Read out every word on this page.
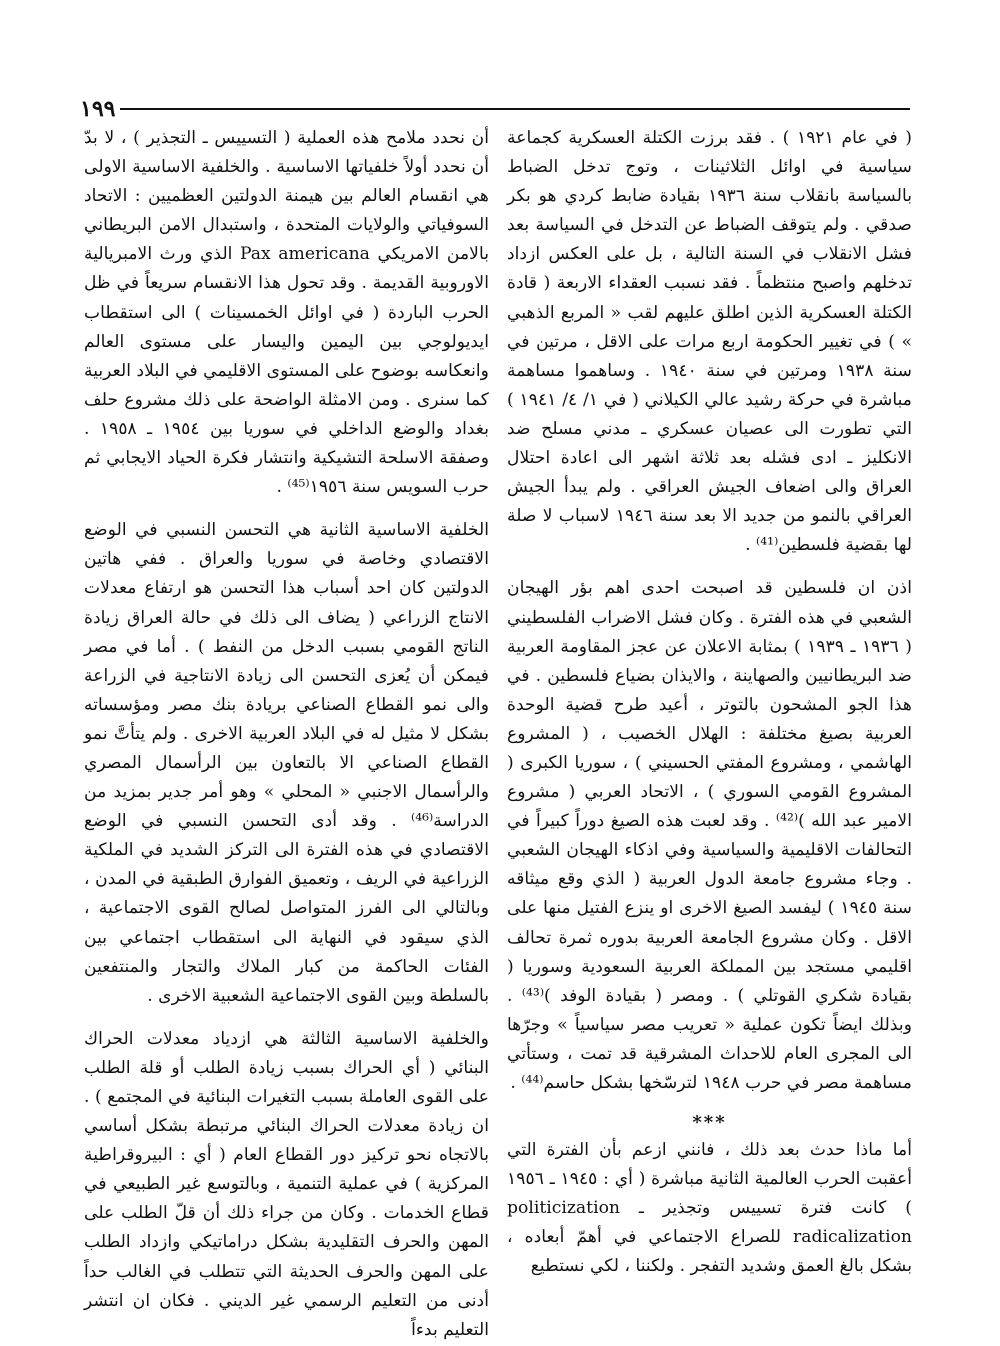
١٩٩

( في عام ١٩٢١ ) . فقد برزت الكتلة العسكرية كجماعة سياسية في اوائل الثلاثينات ، وتوج تدخل الضباط بالسياسة بانقلاب سنة ١٩٣٦ بقيادة ضابط كردي هو بكر صدقي . ولم يتوقف الضباط عن التدخل في السياسة بعد فشل الانقلاب في السنة التالية ، بل على العكس ازداد تدخلهم واصبح منتظماً . فقد نسبب العقداء الاربعة ( قادة الكتلة العسكرية الذين اطلق عليهم لقب « المربع الذهبي » ) في تغيير الحكومة اربع مرات على الاقل ، مرتين في سنة ١٩٣٨ ومرتين في سنة ١٩٤٠ . وساهموا مساهمة مباشرة في حركة رشيد عالي الكيلاني ( في ١/ ٤/ ١٩٤١ ) التي تطورت الى عصيان عسكري ـ مدني مسلح ضد الانكليز ـ ادى فشله بعد ثلاثة اشهر الى اعادة احتلال العراق والى اضعاف الجيش العراقي . ولم يبدأ الجيش العراقي بالنمو من جديد الا بعد سنة ١٩٤٦ لاسباب لا صلة لها بقضية فلسطين⁽⁴¹⁾ .

اذن ان فلسطين قد اصبحت احدى اهم بؤر الهيجان الشعبي في هذه الفترة . وكان فشل الاضراب الفلسطيني ( ١٩٣٦ ـ ١٩٣٩ ) بمثابة الاعلان عن عجز المقاومة العربية ضد البريطانيين والصهاينة ، والايذان بضياع فلسطين . في هذا الجو المشحون بالتوتر ، أعيد طرح قضية الوحدة العربية بصيغ مختلفة : الهلال الخصيب ، ( المشروع الهاشمي ، ومشروع المفتي الحسيني ) ، سوريا الكبرى ( المشروع القومي السوري ) ، الاتحاد العربي ( مشروع الامير عبد الله )⁽⁴²⁾ . وقد لعبت هذه الصيغ دوراً كبيراً في التحالفات الاقليمية والسياسية وفي اذكاء الهيجان الشعبي . وجاء مشروع جامعة الدول العربية ( الذي وقع ميثاقه سنة ١٩٤٥ ) ليفسد الصيغ الاخرى او ينزع الفتيل منها على الاقل . وكان مشروع الجامعة العربية بدوره ثمرة تحالف اقليمي مستجد بين المملكة العربية السعودية وسوريا ( بقيادة شكري القوتلي ) . ومصر ( بقيادة الوفد )⁽⁴³⁾ . وبذلك ايضاً تكون عملية « تعريب مصر سياسياً » وجرّها الى المجرى العام للاحداث المشرقية قد تمت ، وستأتي مساهمة مصر في حرب ١٩٤٨ لترسّخها بشكل حاسم⁽⁴⁴⁾ .

***

أما ماذا حدث بعد ذلك ، فانني ازعم بأن الفترة التي أعقبت الحرب العالمية الثانية مباشرة ( أي : ١٩٤٥ ـ ١٩٥٦ ) كانت فترة تسييس وتجذير ـ politicization radicalization للصراع الاجتماعي في أهمّ أبعاده ، بشكل بالغ العمق وشديد التفجر . ولكننا ، لكي نستطيع

أن نحدد ملامح هذه العملية ( التسييس ـ التجذير ) ، لا بدّ أن نحدد أولاً خلفياتها الاساسية . والخلفية الاساسية الاولى هي انقسام العالم بين هيمنة الدولتين العظميين : الاتحاد السوفياتي والولايات المتحدة ، واستبدال الامن البريطاني بالامن الامريكي Pax americana الذي ورث الامبريالية الاوروبية القديمة . وقد تحول هذا الانقسام سريعاً في ظل الحرب الباردة ( في اوائل الخمسينات ) الى استقطاب ايديولوجي بين اليمين واليسار على مستوى العالم وانعكاسه بوضوح على المستوى الاقليمي في البلاد العربية كما سنرى . ومن الامثلة الواضحة على ذلك مشروع حلف بغداد والوضع الداخلي في سوريا بين ١٩٥٤ ـ ١٩٥٨ . وصفقة الاسلحة التشيكية وانتشار فكرة الحياد الايجابي ثم حرب السويس سنة ١٩٥٦⁽⁴⁵⁾ .

الخلفية الاساسية الثانية هي التحسن النسبي في الوضع الاقتصادي وخاصة في سوريا والعراق . ففي هاتين الدولتين كان احد أسباب هذا التحسن هو ارتفاع معدلات الانتاج الزراعي ( يضاف الى ذلك في حالة العراق زيادة الناتج القومي بسبب الدخل من النفط ) . أما في مصر فيمكن أن يُعزى التحسن الى زيادة الانتاجية في الزراعة والى نمو القطاع الصناعي بريادة بنك مصر ومؤسساته بشكل لا مثيل له في البلاد العربية الاخرى . ولم يتأتَّ نمو القطاع الصناعي الا بالتعاون بين الرأسمال المصري والرأسمال الاجنبي « المحلي » وهو أمر جدير بمزيد من الدراسة⁽⁴⁶⁾ . وقد أدى التحسن النسبي في الوضع الاقتصادي في هذه الفترة الى التركز الشديد في الملكية الزراعية في الريف ، وتعميق الفوارق الطبقية في المدن ، وبالتالي الى الفرز المتواصل لصالح القوى الاجتماعية ، الذي سيقود في النهاية الى استقطاب اجتماعي بين الفئات الحاكمة من كبار الملاك والتجار والمنتفعين بالسلطة وبين القوى الاجتماعية الشعبية الاخرى .

والخلفية الاساسية الثالثة هي ازدياد معدلات الحراك البنائي ( أي الحراك بسبب زيادة الطلب أو قلة الطلب على القوى العاملة بسبب التغيرات البنائية في المجتمع ) . ان زيادة معدلات الحراك البنائي مرتبطة بشكل أساسي بالاتجاه نحو تركيز دور القطاع العام ( أي : البيروقراطية المركزية ) في عملية التنمية ، وبالتوسع غير الطبيعي في قطاع الخدمات . وكان من جراء ذلك أن قلّ الطلب على المهن والحرف التقليدية بشكل دراماتيكي وازداد الطلب على المهن والحرف الحديثة التي تتطلب في الغالب حداً أدنى من التعليم الرسمي غير الديني . فكان ان انتشر التعليم بدءاً
